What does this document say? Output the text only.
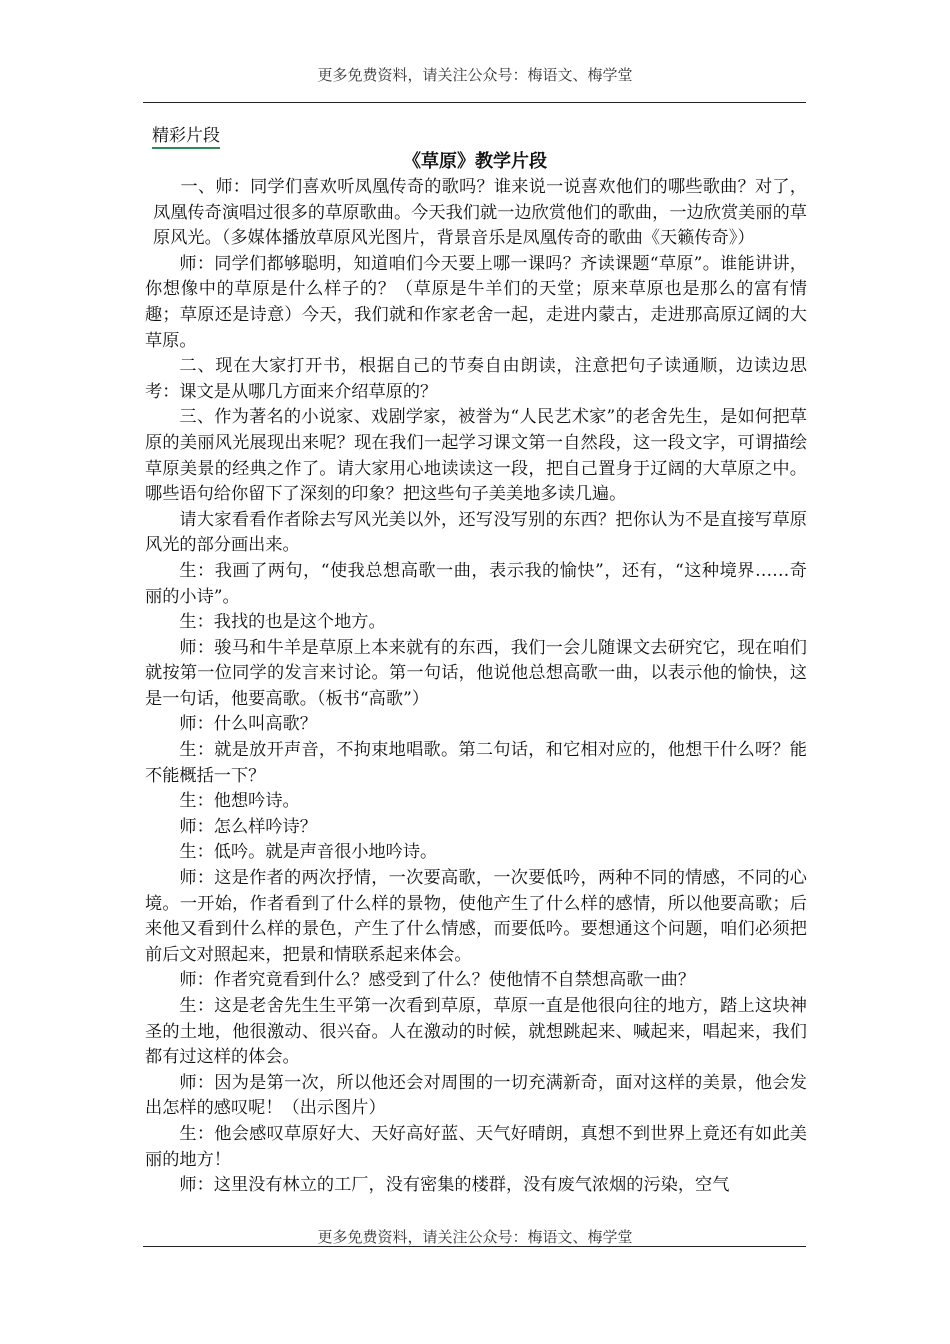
更多免费资料，请关注公众号：梅语文、梅学堂
精彩片段
《草原》教学片段

一、师：同学们喜欢听凤凰传奇的歌吗？谁来说一说喜欢他们的哪些歌曲？对了，凤凰传奇演唱过很多的草原歌曲。今天我们就一边欣赏他们的歌曲，一边欣赏美丽的草原风光。（多媒体播放草原风光图片，背景音乐是凤凰传奇的歌曲《天籁传奇》）

师：同学们都够聪明，知道咱们今天要上哪一课吗？齐读课题“草原”。谁能讲讲，你想像中的草原是什么样子的？（草原是牛羊们的天堂；原来草原也是那么的富有情趣；草原还是诗意）今天，我们就和作家老舍一起，走进内蒙古，走进那高原辽阔的大草原。

二、现在大家打开书，根据自己的节奏自由朗读，注意把句子读通顺，边读边思考：课文是从哪几方面来介绍草原的？

三、作为著名的小说家、戏剧学家，被誉为“人民艺术家”的老舍先生，是如何把草原的美丽风光展现出来呢？现在我们一起学习课文第一自然段，这一段文字，可谓描绘草原美景的经典之作了。请大家用心地读读这一段，把自己置身于辽阔的大草原之中。哪些语句给你留下了深刻的印象？把这些句子美美地多读几遍。

请大家看看作者除去写风光美以外，还写没写别的东西？把你认为不是直接写草原风光的部分画出来。

生：我画了两句，“使我总想高歌一曲，表示我的愉快”，还有，“这种境界……奇丽的小诗”。

生：我找的也是这个地方。

师：骏马和牛羊是草原上本来就有的东西，我们一会儿随课文去研究它，现在咱们就按第一位同学的发言来讨论。第一句话，他说他总想高歌一曲，以表示他的愉快，这是一句话，他要高歌。（板书“高歌”）

师：什么叫高歌？

生：就是放开声音，不拘束地唱歌。第二句话，和它相对应的，他想干什么呀？能不能概括一下？

生：他想吟诗。

师：怎么样吟诗？

生：低吟。就是声音很小地吟诗。

师：这是作者的两次抒情，一次要高歌，一次要低吟，两种不同的情感，不同的心境。一开始，作者看到了什么样的景物，使他产生了什么样的感情，所以他要高歌；后来他又看到什么样的景色，产生了什么情感，而要低吟。要想通这个问题，咱们必须把前后文对照起来，把景和情联系起来体会。

师：作者究竟看到什么？感受到了什么？使他情不自禁想高歌一曲？

生：这是老舍先生生平第一次看到草原，草原一直是他很向往的地方，踏上这块神圣的土地，他很激动、很兴奋。人在激动的时候，就想跳起来、喊起来，唱起来，我们都有过这样的体会。

师：因为是第一次，所以他还会对周围的一切充满新奇，面对这样的美景，他会发出怎样的感叹呢！（出示图片）

生：他会感叹草原好大、天好高好蓝、天气好晴朗，真想不到世界上竟还有如此美丽的地方！

师：这里没有林立的工厂，没有密集的楼群，没有废气浓烟的污染，空气

更多免费资料，请关注公众号：梅语文、梅学堂
